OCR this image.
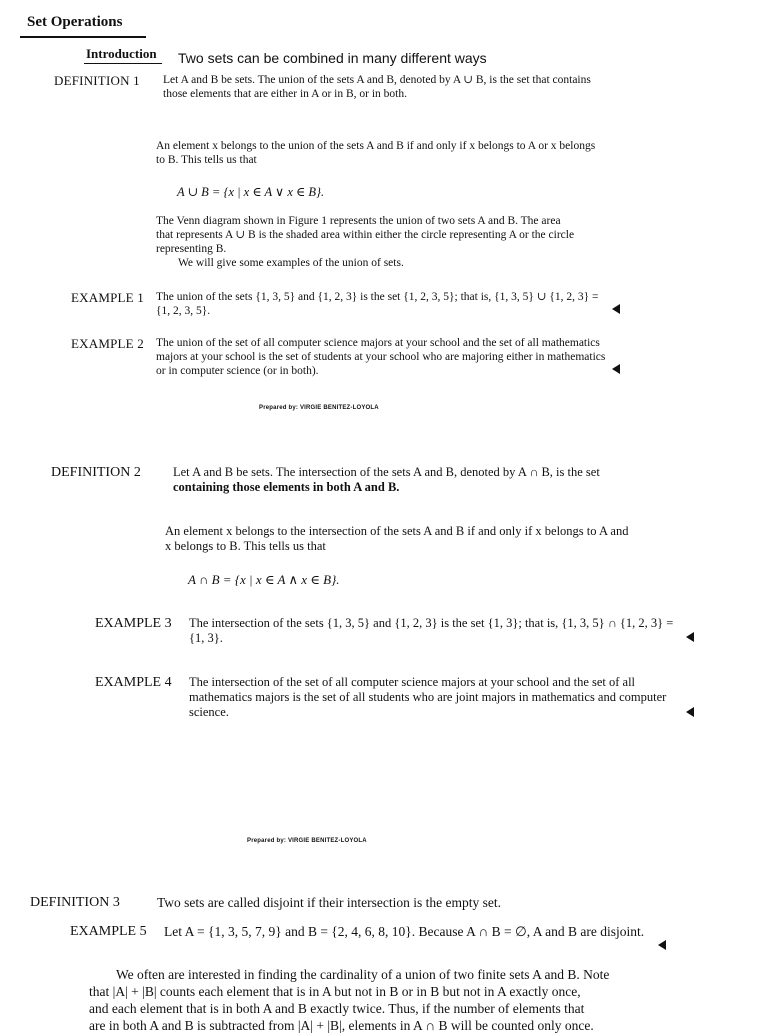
Set Operations
Introduction Two sets can be combined in many different ways
DEFINITION 1 Let A and B be sets. The union of the sets A and B, denoted by A ∪ B, is the set that contains
those elements that are either in A or in B, or in both.
An element x belongs to the union of the sets A and B if and only if x belongs to A or x belongs
to B. This tells us that
A ∪ B = {x | x ∈ A ∨ x ∈ B}.
The Venn diagram shown in Figure 1 represents the union of two sets A and B. The area
that represents A ∪ B is the shaded area within either the circle representing A or the circle
representing B.
We will give some examples of the union of sets.
EXAMPLE 1 The union of the sets {1, 3, 5} and {1, 2, 3} is the set {1, 2, 3, 5}; that is, {1, 3, 5} ∪ {1, 2, 3} =
{1, 2, 3, 5}.
EXAMPLE 2 The union of the set of all computer science majors at your school and the set of all mathematics
majors at your school is the set of students at your school who are majoring either in mathematics
or in computer science (or in both).
Prepared by: VIRGIE BENITEZ-LOYOLA
DEFINITION 2	Let A and B be sets. The intersection of the sets A and B, denoted by A ∩ B, is the set
containing those elements in both A and B.
An element x belongs to the intersection of the sets A and B if and only if x belongs to A and
x belongs to B. This tells us that
A ∩ B = {x | x ∈ A ∧ x ∈ B}.
EXAMPLE 3 The intersection of the sets {1, 3, 5} and {1, 2, 3} is the set {1, 3}; that is, {1, 3, 5} ∩ {1, 2, 3} =
{1, 3}.
EXAMPLE 4 The intersection of the set of all computer science majors at your school and the set of all
mathematics majors is the set of all students who are joint majors in mathematics and computer
science.
Prepared by: VIRGIE BENITEZ-LOYOLA
DEFINITION 3	Two sets are called disjoint if their intersection is the empty set.
EXAMPLE 5 Let A = {1, 3, 5, 7, 9} and B = {2, 4, 6, 8, 10}. Because A ∩ B = ∅, A and B are disjoint.
We often are interested in finding the cardinality of a union of two finite sets A and B. Note
that |A| + |B| counts each element that is in A but not in B or in B but not in A exactly once,
and each element that is in both A and B exactly twice. Thus, if the number of elements that
are in both A and B is subtracted from |A| + |B|, elements in A ∩ B will be counted only once.
